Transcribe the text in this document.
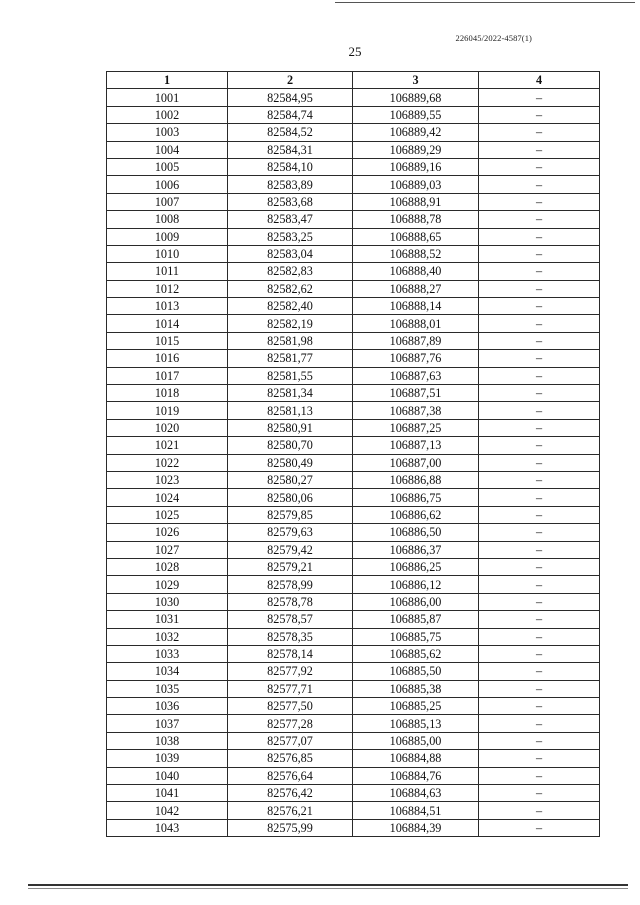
226045/2022-4587(1)
25
1	2	3	4
1001	82584,95	106889,68	–
1002	82584,74	106889,55	–
1003	82584,52	106889,42	–
1004	82584,31	106889,29	–
1005	82584,10	106889,16	–
1006	82583,89	106889,03	–
1007	82583,68	106888,91	–
1008	82583,47	106888,78	–
1009	82583,25	106888,65	–
1010	82583,04	106888,52	–
1011	82582,83	106888,40	–
1012	82582,62	106888,27	–
1013	82582,40	106888,14	–
1014	82582,19	106888,01	–
1015	82581,98	106887,89	–
1016	82581,77	106887,76	–
1017	82581,55	106887,63	–
1018	82581,34	106887,51	–
1019	82581,13	106887,38	–
1020	82580,91	106887,25	–
1021	82580,70	106887,13	–
1022	82580,49	106887,00	–
1023	82580,27	106886,88	–
1024	82580,06	106886,75	–
1025	82579,85	106886,62	–
1026	82579,63	106886,50	–
1027	82579,42	106886,37	–
1028	82579,21	106886,25	–
1029	82578,99	106886,12	–
1030	82578,78	106886,00	–
1031	82578,57	106885,87	–
1032	82578,35	106885,75	–
1033	82578,14	106885,62	–
1034	82577,92	106885,50	–
1035	82577,71	106885,38	–
1036	82577,50	106885,25	–
1037	82577,28	106885,13	–
1038	82577,07	106885,00	–
1039	82576,85	106884,88	–
1040	82576,64	106884,76	–
1041	82576,42	106884,63	–
1042	82576,21	106884,51	–
1043	82575,99	106884,39	–
